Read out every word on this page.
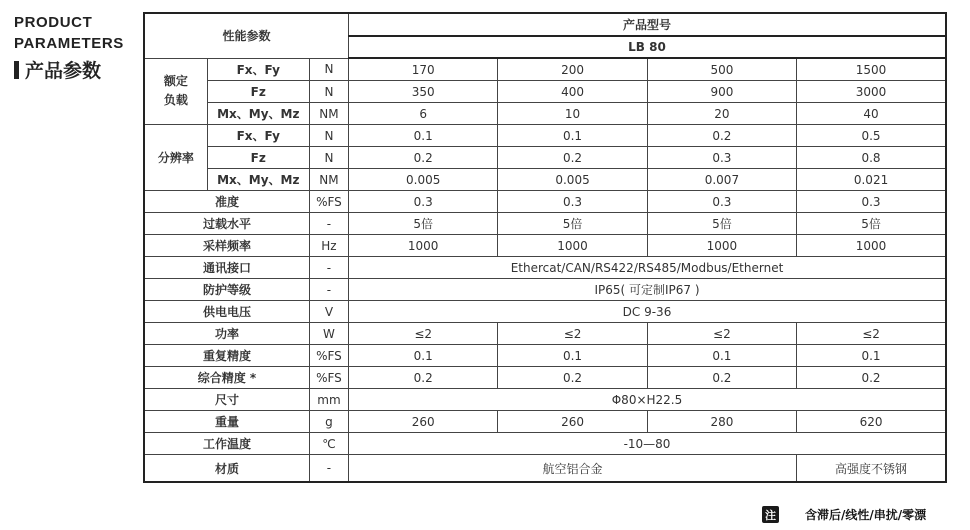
PRODUCT
PARAMETERS
产品参数
性能参数			产品型号			
			LB 80			
额定
负载	Fx、Fy	N	170	200	500	1500
	Fz	N	350	400	900	3000
	Mx、My、Mz	NM	6	10	20	40
分辨率	Fx、Fy	N	0.1	0.1	0.2	0.5
	Fz	N	0.2	0.2	0.3	0.8
	Mx、My、Mz	NM	0.005	0.005	0.007	0.021
准度		%FS	0.3	0.3	0.3	0.3
过载水平		-	5倍	5倍	5倍	5倍
采样频率		Hz	1000	1000	1000	1000
通讯接口		-	Ethercat/CAN/RS422/RS485/Modbus/Ethernet			
防护等级		-	IP65( 可定制IP67 )			
供电电压		V	DC 9-36			
功率		W	≤2	≤2	≤2	≤2
重复精度		%FS	0.1	0.1	0.1	0.1
综合精度 *		%FS	0.2	0.2	0.2	0.2
尺寸		mm	Φ80×H22.5			
重量		g	260	260	280	620
工作温度		℃	-10—80			
材质		-	航空铝合金			高强度不锈钢
注 含滞后/线性/串扰/零漂
